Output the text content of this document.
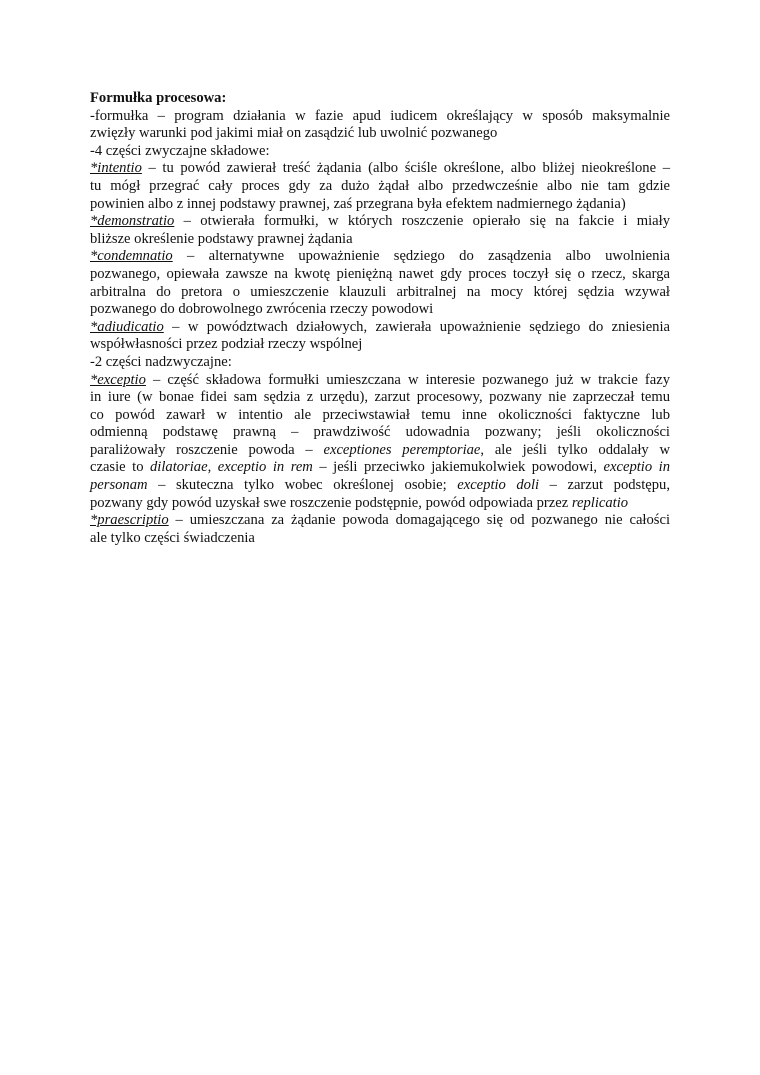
Formułka procesowa:
-formułka – program działania w fazie apud iudicem określający w sposób maksymalnie
zwięzły warunki pod jakimi miał on zasądzić lub uwolnić pozwanego
-4 części zwyczajne składowe:
*intentio – tu powód zawierał treść żądania (albo ściśle określone, albo bliżej nieokreślone –
tu mógł przegrać cały proces gdy za dużo żądał albo przedwcześnie albo nie tam gdzie
powinien albo z innej podstawy prawnej, zaś przegrana była efektem nadmiernego żądania)
*demonstratio – otwierała formułki, w których roszczenie opierało się na fakcie i miały
bliższe określenie podstawy prawnej żądania
*condemnatio – alternatywne upoważnienie sędziego do zasądzenia albo uwolnienia
pozwanego, opiewała zawsze na kwotę pieniężną nawet gdy proces toczył się o rzecz, skarga
arbitralna do pretora o umieszczenie klauzuli arbitralnej na mocy której sędzia wzywał
pozwanego do dobrowolnego zwrócenia rzeczy powodowi
*adiudicatio – w powództwach działowych, zawierała upoważnienie sędziego do zniesienia
współwłasności przez podział rzeczy wspólnej
-2 części nadzwyczajne:
*exceptio – część składowa formułki umieszczana w interesie pozwanego już w trakcie fazy
in iure (w bonae fidei sam sędzia z urzędu), zarzut procesowy, pozwany nie zaprzeczał temu
co powód zawarł w intentio ale przeciwstawiał temu inne okoliczności faktyczne lub
odmienną podstawę prawną – prawdziwość udowadnia pozwany; jeśli okoliczności
paraliżowały roszczenie powoda – exceptiones peremptoriae, ale jeśli tylko oddalały w
czasie to dilatoriae, exceptio in rem – jeśli przeciwko jakiemukolwiek powodowi, exceptio in
personam – skuteczna tylko wobec określonej osobie; exceptio doli – zarzut podstępu,
pozwany gdy powód uzyskał swe roszczenie podstępnie, powód odpowiada przez replicatio
*praescriptio – umieszczana za żądanie powoda domagającego się od pozwanego nie całości
ale tylko części świadczenia
